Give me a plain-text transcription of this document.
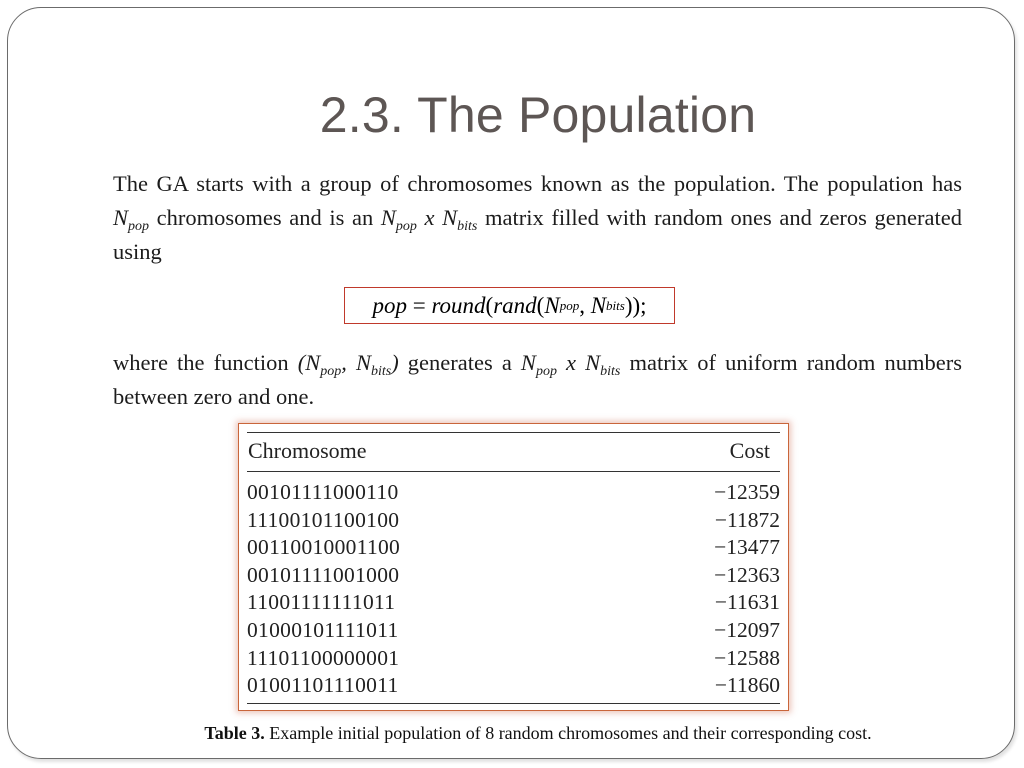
2.3. The Population
The GA starts with a group of chromosomes known as the population. The population has $N_{pop}$ chromosomes and is an $N_{pop}$ x $N_{bits}$ matrix filled with random ones and zeros generated using
pop = round ( rand ( N pop , N bits ));
where the function ($N_{pop}$, $N_{bits}$) generates a $N_{pop}$ x $N_{bits}$ matrix of uniform random numbers between zero and one.
Chromosome	Cost
00101111000110	−12359
11100101100100	−11872
00110010001100	−13477
00101111001000	−12363
11001111111011	−11631
01000101111011	−12097
11101100000001	−12588
01001101110011	−11860
Table 3. Example initial population of 8 random chromosomes and their corresponding cost.
